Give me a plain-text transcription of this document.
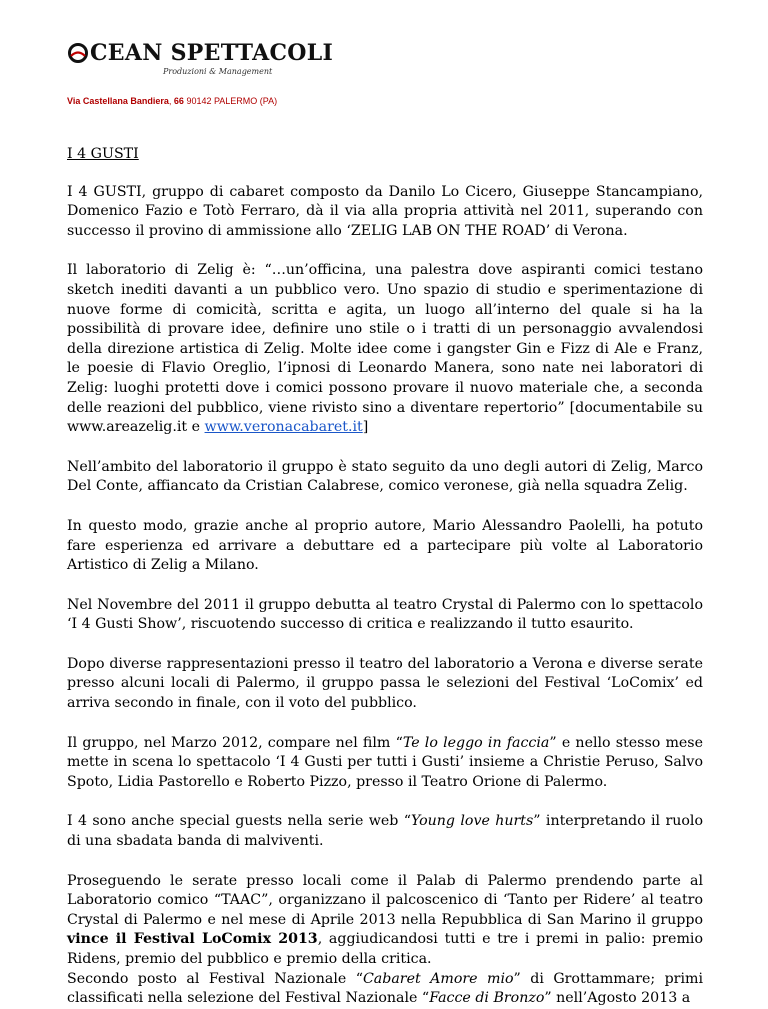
CEAN SPETTACOLI
Produzioni & Management
Via Castellana Bandiera, 66 90142 PALERMO (PA)

I 4 GUSTI

I 4 GUSTI, gruppo di cabaret composto da Danilo Lo Cicero, Giuseppe Stancampiano, Domenico Fazio e Totò Ferraro, dà il via alla propria attività nel 2011, superando con successo il provino di ammissione allo ‘ZELIG LAB ON THE ROAD’ di Verona.

Il laboratorio di Zelig è: “…un’officina, una palestra dove aspiranti comici testano sketch inediti davanti a un pubblico vero. Uno spazio di studio e sperimentazione di nuove forme di comicità, scritta e agita, un luogo all’interno del quale si ha la possibilità di provare idee, definire uno stile o i tratti di un personaggio avvalendosi della direzione artistica di Zelig. Molte idee come i gangster Gin e Fizz di Ale e Franz, le poesie di Flavio Oreglio, l’ipnosi di Leonardo Manera, sono nate nei laboratori di Zelig: luoghi protetti dove i comici possono provare il nuovo materiale che, a seconda delle reazioni del pubblico, viene rivisto sino a diventare repertorio” [documentabile su www.areazelig.it e www.veronacabaret.it]

Nell’ambito del laboratorio il gruppo è stato seguito da uno degli autori di Zelig, Marco Del Conte, affiancato da Cristian Calabrese, comico veronese, già nella squadra Zelig.

In questo modo, grazie anche al proprio autore, Mario Alessandro Paolelli, ha potuto fare esperienza ed arrivare a debuttare ed a partecipare più volte al Laboratorio Artistico di Zelig a Milano.

Nel Novembre del 2011 il gruppo debutta al teatro Crystal di Palermo con lo spettacolo ‘I 4 Gusti Show’, riscuotendo successo di critica e realizzando il tutto esaurito.

Dopo diverse rappresentazioni presso il teatro del laboratorio a Verona e diverse serate presso alcuni locali di Palermo, il gruppo passa le selezioni del Festival ‘LoComix’ ed arriva secondo in finale, con il voto del pubblico.

Il gruppo, nel Marzo 2012, compare nel film “Te lo leggo in faccia” e nello stesso mese mette in scena lo spettacolo ‘I 4 Gusti per tutti i Gusti’ insieme a Christie Peruso, Salvo Spoto, Lidia Pastorello e Roberto Pizzo, presso il Teatro Orione di Palermo.

I 4 sono anche special guests nella serie web “Young love hurts” interpretando il ruolo di una sbadata banda di malviventi.

Proseguendo le serate presso locali come il Palab di Palermo prendendo parte al Laboratorio comico “TAAC”, organizzano il palcoscenico di ‘Tanto per Ridere’ al teatro Crystal di Palermo e nel mese di Aprile 2013 nella Repubblica di San Marino il gruppo vince il Festival LoComix 2013, aggiudicandosi tutti e tre i premi in palio: premio Ridens, premio del pubblico e premio della critica.

Secondo posto al Festival Nazionale “Cabaret Amore mio” di Grottammare; primi classificati nella selezione del Festival Nazionale “Facce di Bronzo” nell’Agosto 2013 a
